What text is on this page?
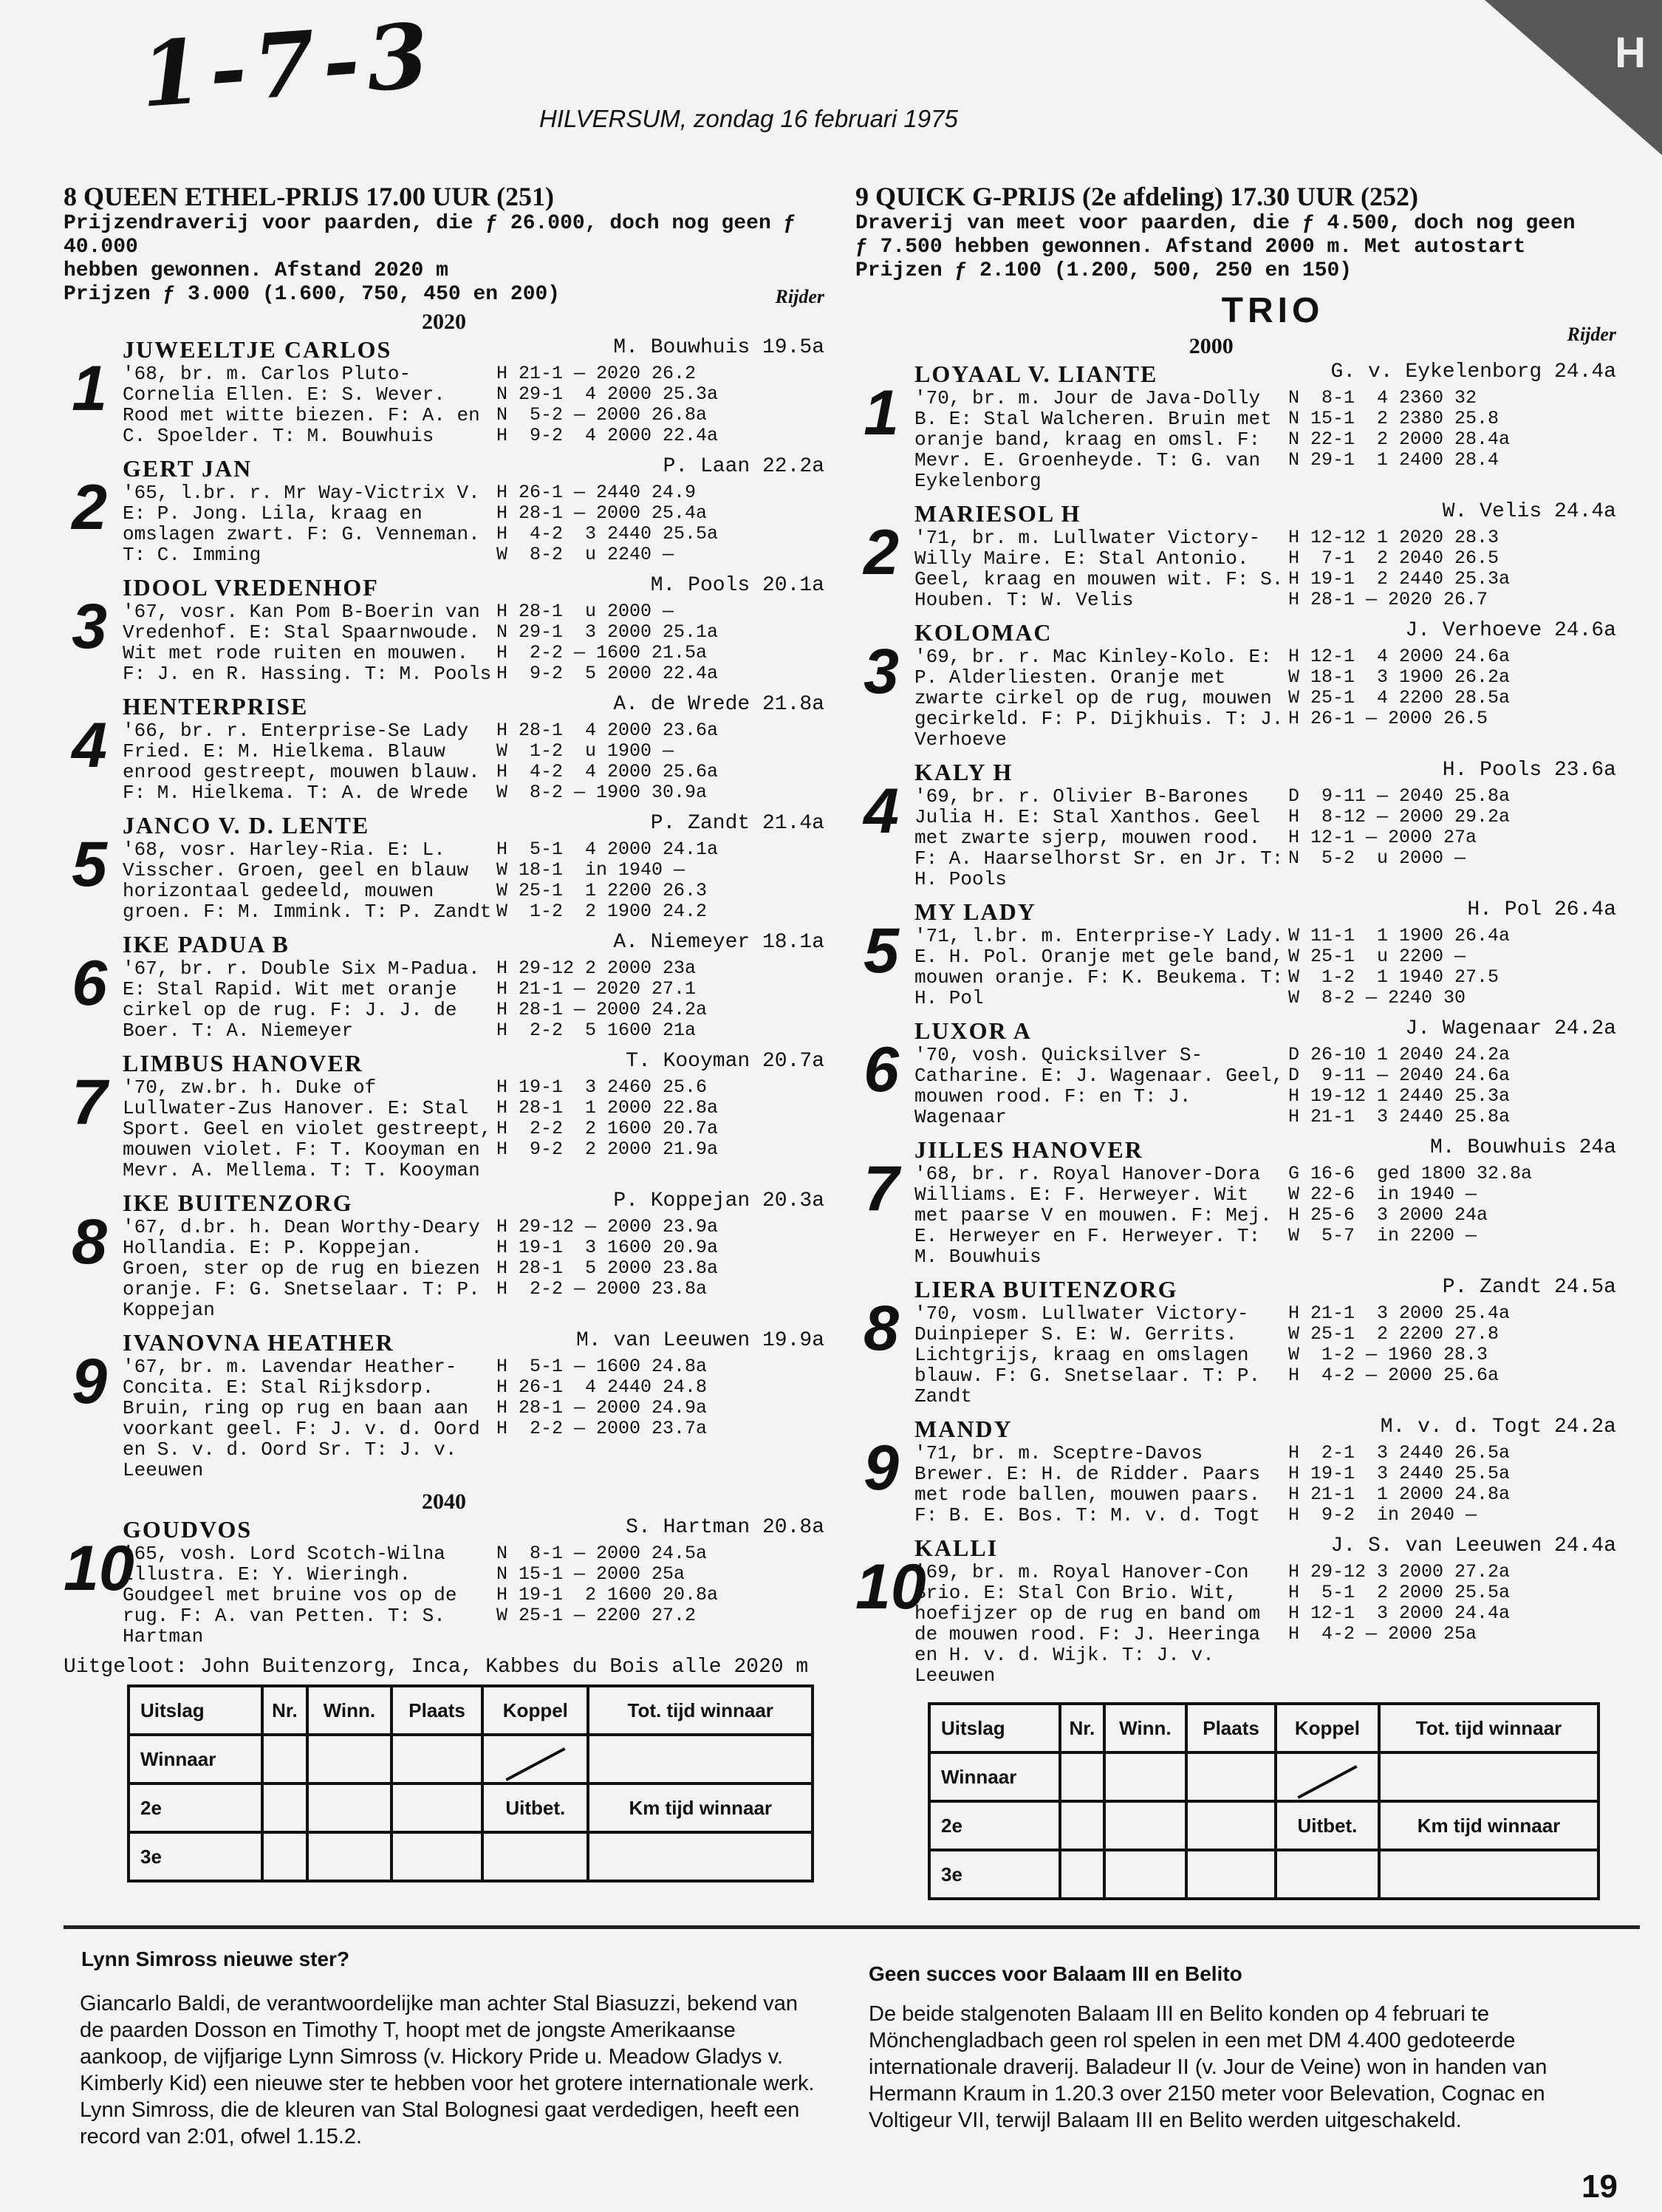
H
1-7-3	HILVERSUM, zondag 16 februari 1975
8 QUEEN ETHEL-PRIJS 17.00 UUR (251)
Prijzendraverij voor paarden, die ƒ 26.000, doch nog geen ƒ 40.000
hebben gewonnen. Afstand 2020 m
Prijzen ƒ 3.000 (1.600, 750, 450 en 200)	Rijder
2020
1
JUWEELTJE CARLOS	M. Bouwhuis 19.5a
'68, br. m. Carlos Pluto-Cornelia Ellen. E: S. Wever. Rood met witte biezen. F: A. en C. Spoelder. T: M. Bouwhuis
H 21-1 — 2020 26.2
N 29-1  4 2000 25.3a
N  5-2 — 2000 26.8a
H  9-2  4 2000 22.4a
2
GERT JAN	P. Laan 22.2a
'65, l.br. r. Mr Way-Victrix V. E: P. Jong. Lila, kraag en omslagen zwart. F: G. Venneman. T: C. Imming
H 26-1 — 2440 24.9
H 28-1 — 2000 25.4a
H  4-2  3 2440 25.5a
W  8-2  u 2240 —
3
IDOOL VREDENHOF	M. Pools 20.1a
'67, vosr. Kan Pom B-Boerin van Vredenhof. E: Stal Spaarnwoude. Wit met rode ruiten en mouwen. F: J. en R. Hassing. T: M. Pools
H 28-1  u 2000 —
N 29-1  3 2000 25.1a
H  2-2 — 1600 21.5a
H  9-2  5 2000 22.4a
4
HENTERPRISE	A. de Wrede 21.8a
'66, br. r. Enterprise-Se Lady Fried. E: M. Hielkema. Blauw enrood gestreept, mouwen blauw. F: M. Hielkema. T: A. de Wrede
H 28-1  4 2000 23.6a
W  1-2  u 1900 —
H  4-2  4 2000 25.6a
W  8-2 — 1900 30.9a
5
JANCO V. D. LENTE	P. Zandt 21.4a
'68, vosr. Harley-Ria. E: L. Visscher. Groen, geel en blauw horizontaal gedeeld, mouwen groen. F: M. Immink. T: P. Zandt
H  5-1  4 2000 24.1a
W 18-1  in 1940 —
W 25-1  1 2200 26.3
W  1-2  2 1900 24.2
6
IKE PADUA B	A. Niemeyer 18.1a
'67, br. r. Double Six M-Padua. E: Stal Rapid. Wit met oranje cirkel op de rug. F: J. J. de Boer. T: A. Niemeyer
H 29-12 2 2000 23a
H 21-1 — 2020 27.1
H 28-1 — 2000 24.2a
H  2-2  5 1600 21a
7
LIMBUS HANOVER	T. Kooyman 20.7a
'70, zw.br. h. Duke of Lullwater-Zus Hanover. E: Stal Sport. Geel en violet gestreept, mouwen violet. F: T. Kooyman en Mevr. A. Mellema. T: T. Kooyman
H 19-1  3 2460 25.6
H 28-1  1 2000 22.8a
H  2-2  2 1600 20.7a
H  9-2  2 2000 21.9a
8
IKE BUITENZORG	P. Koppejan 20.3a
'67, d.br. h. Dean Worthy-Deary Hollandia. E: P. Koppejan. Groen, ster op de rug en biezen oranje. F: G. Snetselaar. T: P. Koppejan
H 29-12 — 2000 23.9a
H 19-1  3 1600 20.9a
H 28-1  5 2000 23.8a
H  2-2 — 2000 23.8a
9
IVANOVNA HEATHER	M. van Leeuwen 19.9a
'67, br. m. Lavendar Heather-Concita. E: Stal Rijksdorp. Bruin, ring op rug en baan aan voorkant geel. F: J. v. d. Oord en S. v. d. Oord Sr. T: J. v. Leeuwen
H  5-1 — 1600 24.8a
H 26-1  4 2440 24.8
H 28-1 — 2000 24.9a
H  2-2 — 2000 23.7a
2040
10
GOUDVOS	S. Hartman 20.8a
'65, vosh. Lord Scotch-Wilna Illustra. E: Y. Wieringh. Goudgeel met bruine vos op de rug. F: A. van Petten. T: S. Hartman
N  8-1 — 2000 24.5a
N 15-1 — 2000 25a
H 19-1  2 1600 20.8a
W 25-1 — 2200 27.2
Uitgeloot: John Buitenzorg, Inca, Kabbes du Bois alle 2020 m
9 QUICK G-PRIJS (2e afdeling) 17.30 UUR (252)
Draverij van meet voor paarden, die ƒ 4.500, doch nog geen
ƒ 7.500 hebben gewonnen. Afstand 2000 m. Met autostart
Prijzen ƒ 2.100 (1.200, 500, 250 en 150)
TRIO
Rijder
2000
1
LOYAAL V. LIANTE	G. v. Eykelenborg 24.4a
'70, br. m. Jour de Java-Dolly B. E: Stal Walcheren. Bruin met oranje band, kraag en omsl. F: Mevr. E. Groenheyde. T: G. van Eykelenborg
N  8-1  4 2360 32
N 15-1  2 2380 25.8
N 22-1  2 2000 28.4a
N 29-1  1 2400 28.4
2
MARIESOL H	W. Velis 24.4a
'71, br. m. Lullwater Victory-Willy Maire. E: Stal Antonio. Geel, kraag en mouwen wit. F: S. Houben. T: W. Velis
H 12-12 1 2020 28.3
H  7-1  2 2040 26.5
H 19-1  2 2440 25.3a
H 28-1 — 2020 26.7
3
KOLOMAC	J. Verhoeve 24.6a
'69, br. r. Mac Kinley-Kolo. E: P. Alderliesten. Oranje met zwarte cirkel op de rug, mouwen gecirkeld. F: P. Dijkhuis. T: J. Verhoeve
H 12-1  4 2000 24.6a
W 18-1  3 1900 26.2a
W 25-1  4 2200 28.5a
H 26-1 — 2000 26.5
4
KALY H	H. Pools 23.6a
'69, br. r. Olivier B-Barones Julia H. E: Stal Xanthos. Geel met zwarte sjerp, mouwen rood. F: A. Haarselhorst Sr. en Jr. T: H. Pools
D  9-11 — 2040 25.8a
H  8-12 — 2000 29.2a
H 12-1 — 2000 27a
N  5-2  u 2000 —
5
MY LADY	H. Pol 26.4a
'71, l.br. m. Enterprise-Y Lady. E. H. Pol. Oranje met gele band, mouwen oranje. F: K. Beukema. T: H. Pol
W 11-1  1 1900 26.4a
W 25-1  u 2200 —
W  1-2  1 1940 27.5
W  8-2 — 2240 30
6
LUXOR A	J. Wagenaar 24.2a
'70, vosh. Quicksilver S-Catharine. E: J. Wagenaar. Geel, mouwen rood. F: en T: J. Wagenaar
D 26-10 1 2040 24.2a
D  9-11 — 2040 24.6a
H 19-12 1 2440 25.3a
H 21-1  3 2440 25.8a
7
JILLES HANOVER	M. Bouwhuis 24a
'68, br. r. Royal Hanover-Dora Williams. E: F. Herweyer. Wit met paarse V en mouwen. F: Mej. E. Herweyer en F. Herweyer. T: M. Bouwhuis
G 16-6  ged 1800 32.8a
W 22-6  in 1940 —
H 25-6  3 2000 24a
W  5-7  in 2200 —
8
LIERA BUITENZORG	P. Zandt 24.5a
'70, vosm. Lullwater Victory-Duinpieper S. E: W. Gerrits. Lichtgrijs, kraag en omslagen blauw. F: G. Snetselaar. T: P. Zandt
H 21-1  3 2000 25.4a
W 25-1  2 2200 27.8
W  1-2 — 1960 28.3
H  4-2 — 2000 25.6a
9
MANDY	M. v. d. Togt 24.2a
'71, br. m. Sceptre-Davos Brewer. E: H. de Ridder. Paars met rode ballen, mouwen paars. F: B. E. Bos. T: M. v. d. Togt
H  2-1  3 2440 26.5a
H 19-1  3 2440 25.5a
H 21-1  1 2000 24.8a
H  9-2  in 2040 —
10
KALLI	J. S. van Leeuwen 24.4a
'69, br. m. Royal Hanover-Con Brio. E: Stal Con Brio. Wit, hoefijzer op de rug en band om de mouwen rood. F: J. Heeringa en H. v. d. Wijk. T: J. v. Leeuwen
H 29-12 3 2000 27.2a
H  5-1  2 2000 25.5a
H 12-1  3 2000 24.4a
H  4-2 — 2000 25a
Uitslag	Nr.	Winn.	Plaats	Koppel	Tot. tijd winnaar
Winnaar					
2e				Uitbet.	Km tijd winnaar
3e					
Uitslag	Nr.	Winn.	Plaats	Koppel	Tot. tijd winnaar
Winnaar					
2e				Uitbet.	Km tijd winnaar
3e					
Lynn Simross nieuwe ster?
Giancarlo Baldi, de verantwoordelijke man achter Stal Biasuzzi, bekend van de paarden Dosson en Timothy T, hoopt met de jongste Amerikaanse aankoop, de vijfjarige Lynn Simross (v. Hickory Pride u. Meadow Gladys v. Kimberly Kid) een nieuwe ster te hebben voor het grotere internationale werk. Lynn Simross, die de kleuren van Stal Bolognesi gaat verdedigen, heeft een record van 2:01, ofwel 1.15.2.
Geen succes voor Balaam III en Belito
De beide stalgenoten Balaam III en Belito konden op 4 februari te Mönchengladbach geen rol spelen in een met DM 4.400 gedoteerde internationale draverij. Baladeur II (v. Jour de Veine) won in handen van Hermann Kraum in 1.20.3 over 2150 meter voor Belevation, Cognac en Voltigeur VII, terwijl Balaam III en Belito werden uitgeschakeld.
19
